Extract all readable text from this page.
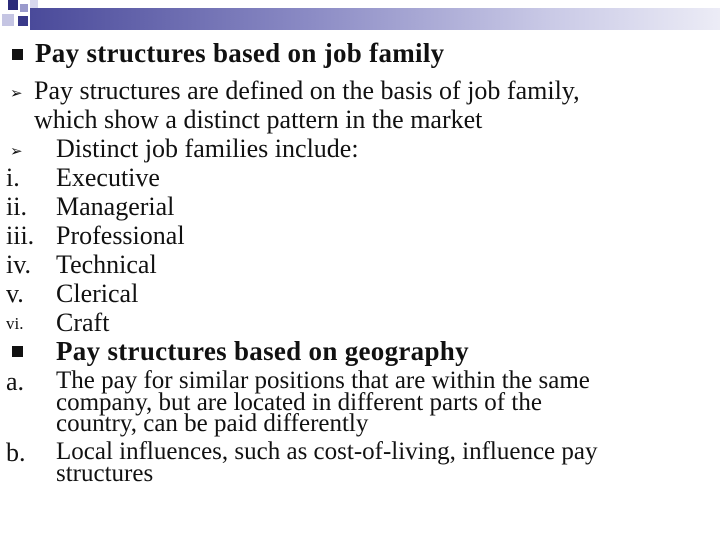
Pay structures based on job family
➢ Pay structures are defined on the basis of job family,
which show a distinct pattern in the market
➢ Distinct job families include:
i. Executive
ii. Managerial
iii. Professional
iv. Technical
v. Clerical
vi. Craft
Pay structures based on geography
a. The pay for similar positions that are within the same
company, but are located in different parts of the
country, can be paid differently
b. Local influences, such as cost-of-living, influence pay
structures
